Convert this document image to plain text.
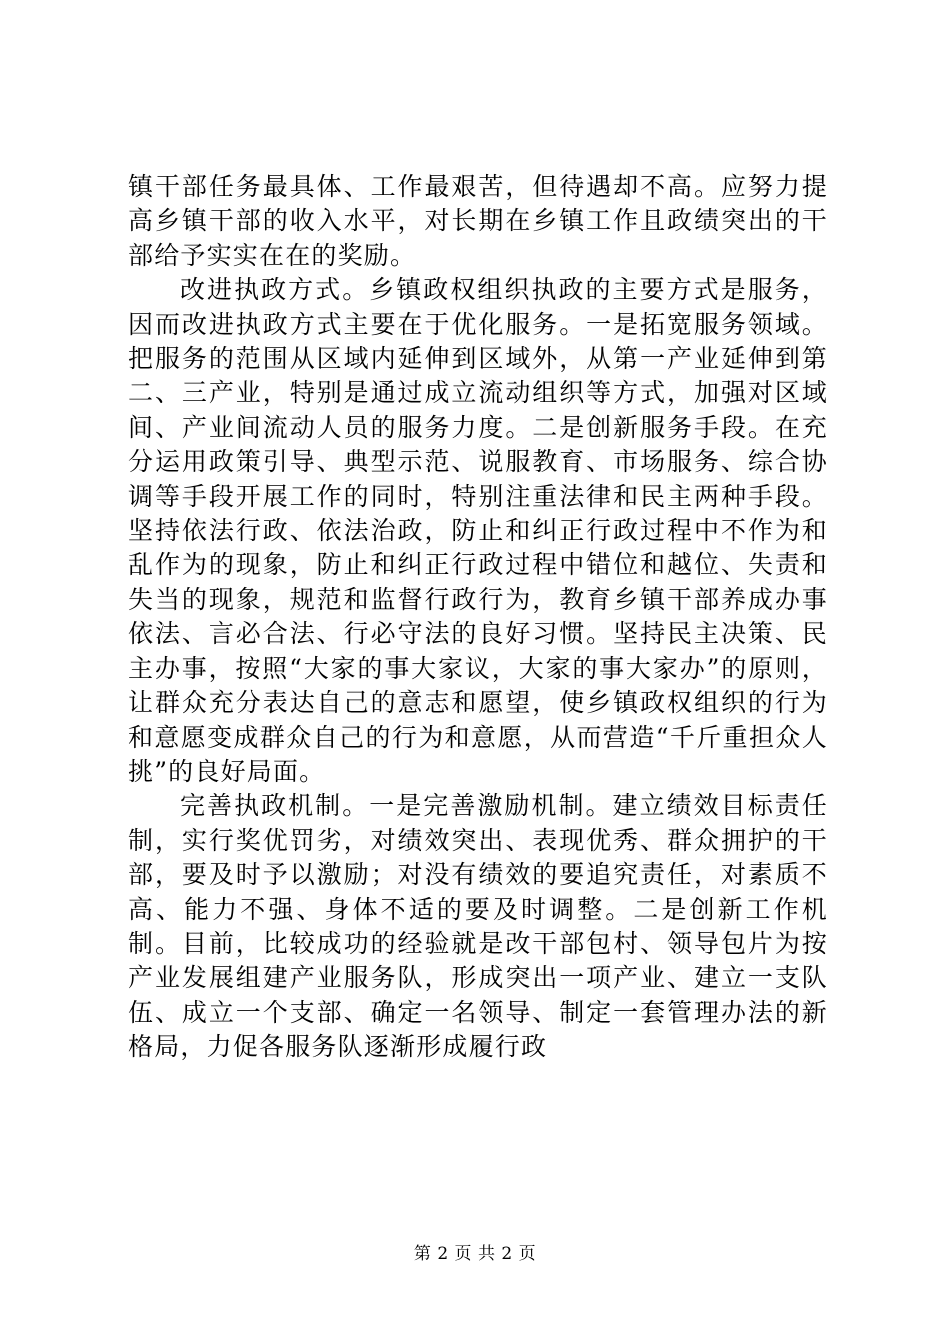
镇干部任务最具体、工作最艰苦，但待遇却不高。应努力提高乡镇干部的收入水平，对长期在乡镇工作且政绩突出的干部给予实实在在的奖励。

改进执政方式。乡镇政权组织执政的主要方式是服务，因而改进执政方式主要在于优化服务。一是拓宽服务领域。把服务的范围从区域内延伸到区域外，从第一产业延伸到第二、三产业，特别是通过成立流动组织等方式，加强对区域间、产业间流动人员的服务力度。二是创新服务手段。在充分运用政策引导、典型示范、说服教育、市场服务、综合协调等手段开展工作的同时，特别注重法律和民主两种手段。坚持依法行政、依法治政，防止和纠正行政过程中不作为和乱作为的现象，防止和纠正行政过程中错位和越位、失责和失当的现象，规范和监督行政行为，教育乡镇干部养成办事依法、言必合法、行必守法的良好习惯。坚持民主决策、民主办事，按照“大家的事大家议，大家的事大家办”的原则，让群众充分表达自己的意志和愿望，使乡镇政权组织的行为和意愿变成群众自己的行为和意愿，从而营造“千斤重担众人挑”的良好局面。

完善执政机制。一是完善激励机制。建立绩效目标责任制，实行奖优罚劣，对绩效突出、表现优秀、群众拥护的干部，要及时予以激励；对没有绩效的要追究责任，对素质不高、能力不强、身体不适的要及时调整。二是创新工作机制。目前，比较成功的经验就是改干部包村、领导包片为按产业发展组建产业服务队，形成突出一项产业、建立一支队伍、成立一个支部、确定一名领导、制定一套管理办法的新格局，力促各服务队逐渐形成履行政

第 2 页 共 2 页
